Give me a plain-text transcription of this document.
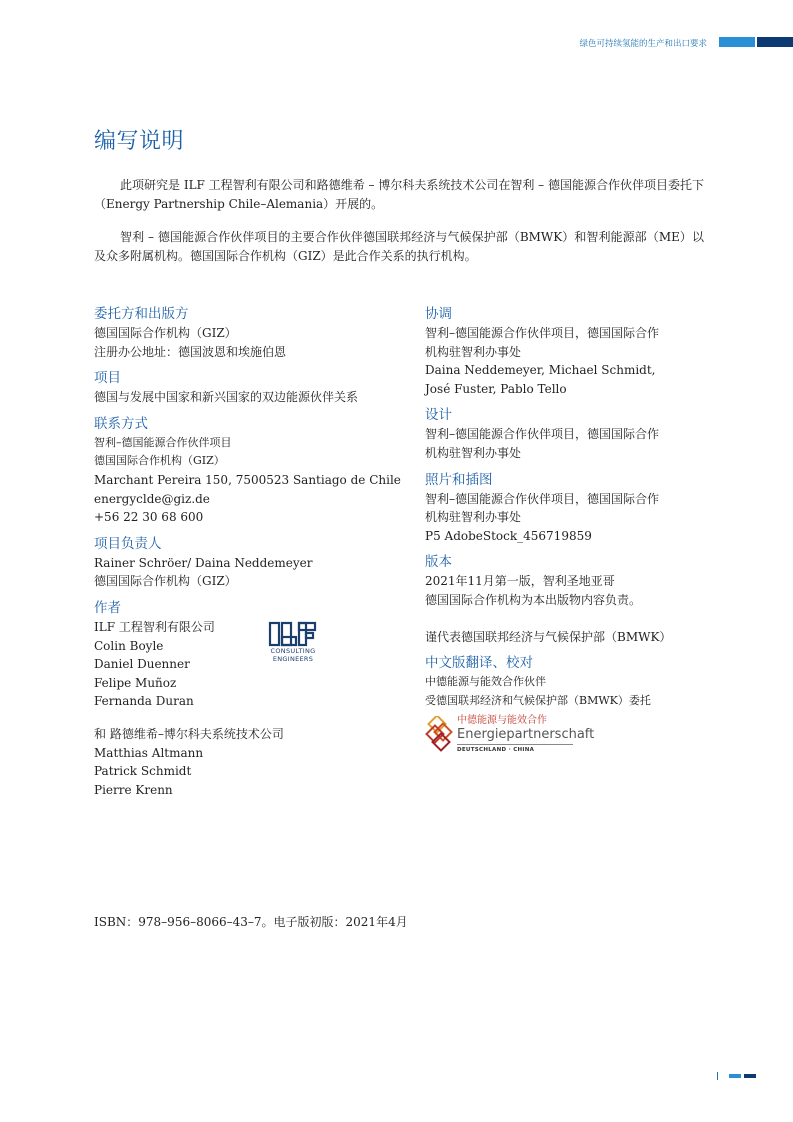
绿色可持续氢能的生产和出口要求
编写说明

此项研究是 ILF 工程智利有限公司和路德维希 – 博尔科夫系统技术公司在智利 – 德国能源合作伙伴项目委托下（Energy Partnership Chile–Alemania）开展的。

智利 – 德国能源合作伙伴项目的主要合作伙伴德国联邦经济与气候保护部（BMWK）和智利能源部（ME）以及众多附属机构。德国国际合作机构（GIZ）是此合作关系的执行机构。

委托方和出版方
德国国际合作机构（GIZ）
注册办公地址：德国波恩和埃施伯恩
项目
德国与发展中国家和新兴国家的双边能源伙伴关系
联系方式
智利–德国能源合作伙伴项目
德国国际合作机构（GIZ）
Marchant Pereira 150, 7500523 Santiago de Chile
energyclde@giz.de
+56 22 30 68 600
项目负责人
Rainer Schröer/ Daina Neddemeyer
德国国际合作机构（GIZ）
作者
ILF 工程智利有限公司
Colin Boyle
Daniel Duenner
Felipe Muñoz
Fernanda Duran
CONSULTING
ENGINEERS
和 路德维希–博尔科夫系统技术公司
Matthias Altmann
Patrick Schmidt
Pierre Krenn
协调
智利–德国能源合作伙伴项目，德国国际合作
机构驻智利办事处
Daina Neddemeyer, Michael Schmidt,
José Fuster, Pablo Tello
设计
智利–德国能源合作伙伴项目，德国国际合作
机构驻智利办事处
照片和插图
智利–德国能源合作伙伴项目，德国国际合作
机构驻智利办事处
P5 AdobeStock_456719859
版本
2021年11月第一版，智利圣地亚哥
德国国际合作机构为本出版物内容负责。
谨代表德国联邦经济与气候保护部（BMWK）
中文版翻译、校对
中德能源与能效合作伙伴
受德国联邦经济和气候保护部（BMWK）委托
中德能源与能效合作
Energiepartnerschaft
DEUTSCHLAND · CHINA
ISBN：978–956–8066–43–7。电子版初版：2021年4月
